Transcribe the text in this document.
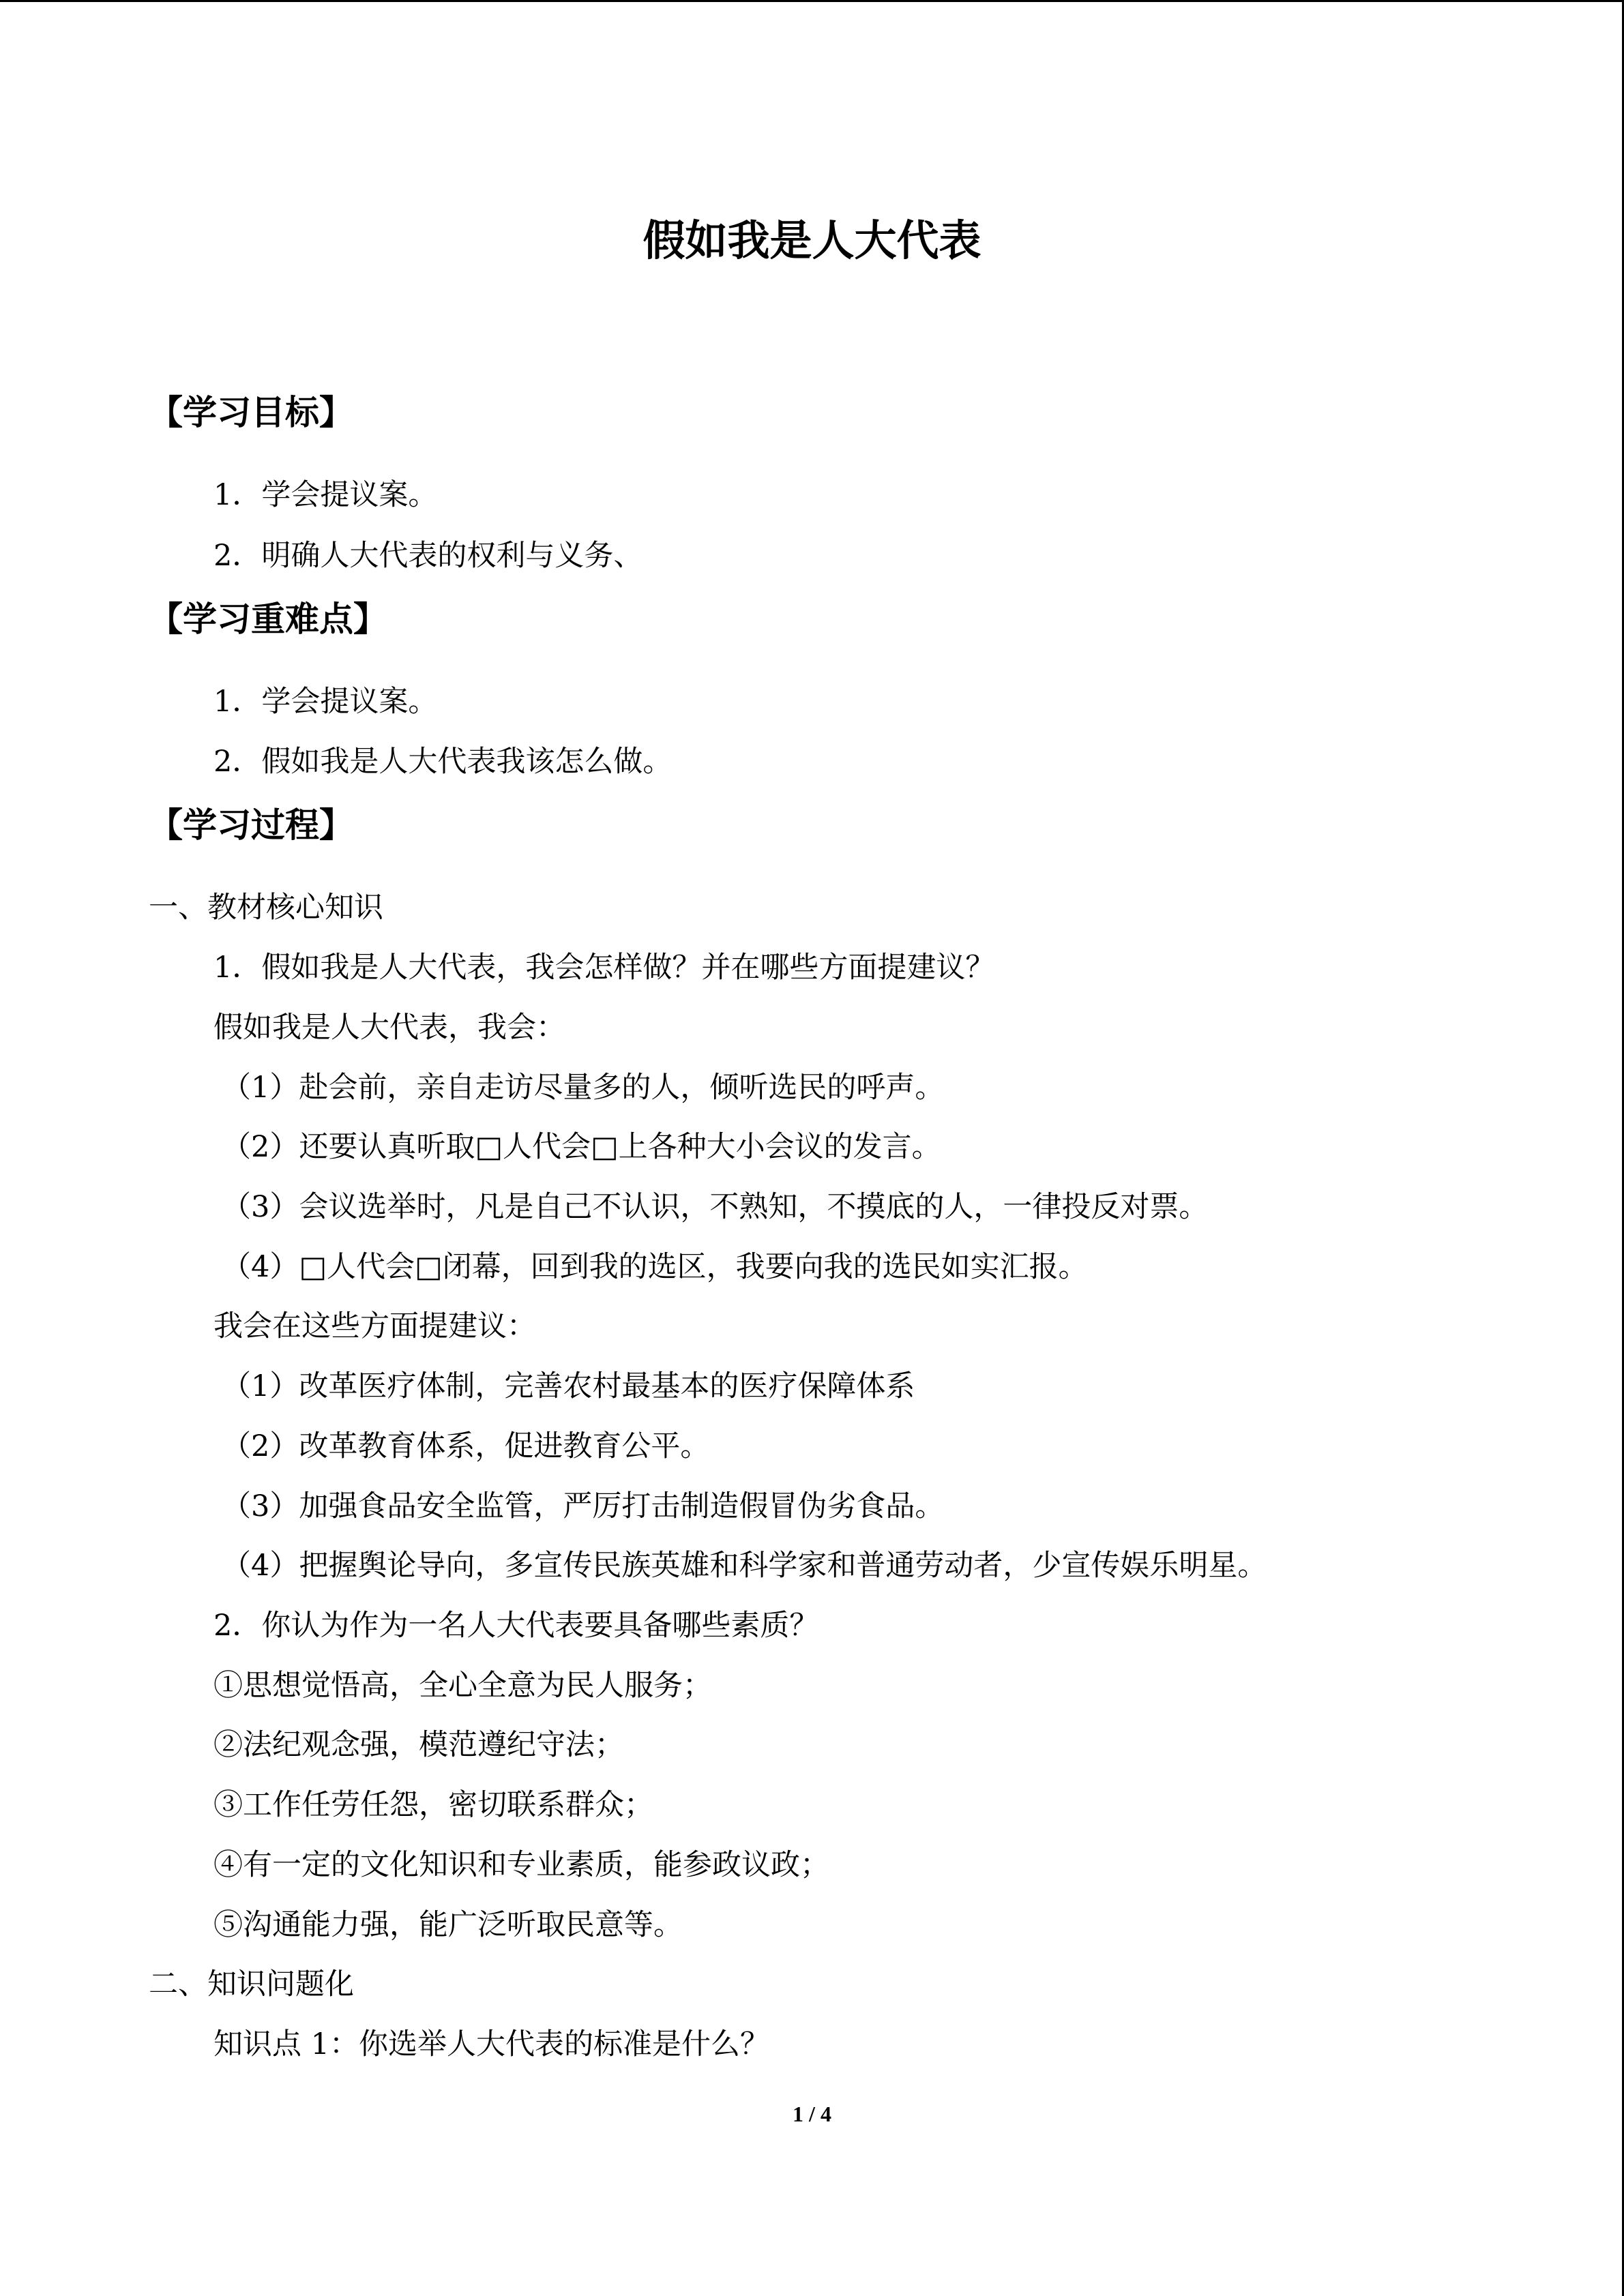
假如我是人大代表
【学习目标】

1．学会提议案。

2．明确人大代表的权利与义务、

【学习重难点】

1．学会提议案。

2．假如我是人大代表我该怎么做。

【学习过程】

一、教材核心知识

1．假如我是人大代表，我会怎样做？并在哪些方面提建议？

假如我是人大代表，我会：

（1）赴会前，亲自走访尽量多的人，倾听选民的呼声。

（2）还要认真听取□人代会□上各种大小会议的发言。

（3）会议选举时，凡是自己不认识，不熟知，不摸底的人，一律投反对票。

（4）□人代会□闭幕，回到我的选区，我要向我的选民如实汇报。

我会在这些方面提建议：

（1）改革医疗体制，完善农村最基本的医疗保障体系

（2）改革教育体系，促进教育公平。

（3）加强食品安全监管，严厉打击制造假冒伪劣食品。

（4）把握舆论导向，多宣传民族英雄和科学家和普通劳动者，少宣传娱乐明星。

2．你认为作为一名人大代表要具备哪些素质？

①思想觉悟高，全心全意为民人服务；

②法纪观念强，模范遵纪守法；

③工作任劳任怨，密切联系群众；

④有一定的文化知识和专业素质，能参政议政；

⑤沟通能力强，能广泛听取民意等。

二、知识问题化

知识点 1：你选举人大代表的标准是什么？

1 / 4
